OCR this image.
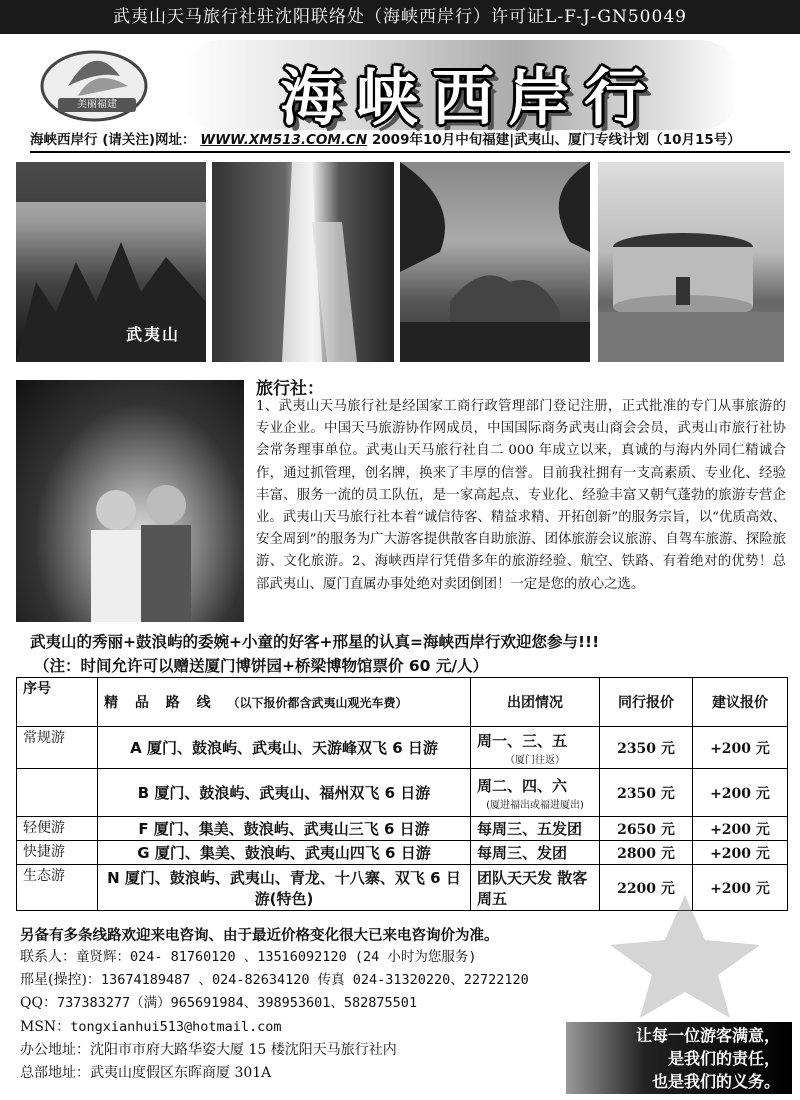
武夷山天马旅行社驻沈阳联络处（海峡西岸行）许可证L-F-J-GN50049
美丽福建	海峡西岸行
海峡西岸行 (请关注)网址： WWW.XM513.COM.CN 2009年10月中旬福建|武夷山、厦门专线计划（10月15号）
武夷山
旅行社：
1、武夷山天马旅行社是经国家工商行政管理部门登记注册，正式批准的专门从事旅游的专业企业。中国天马旅游协作网成员，中国国际商务武夷山商会会员，武夷山市旅行社协会常务理事单位。武夷山天马旅行社自二 000 年成立以来，真诚的与海内外同仁精诚合作，通过抓管理，创名牌，换来了丰厚的信誉。目前我社拥有一支高素质、专业化、经验丰富、服务一流的员工队伍，是一家高起点、专业化、经验丰富又朝气蓬勃的旅游专营企业。武夷山天马旅行社本着“诚信待客、精益求精、开拓创新”的服务宗旨，以“优质高效、安全周到”的服务为广大游客提供散客自助旅游、团体旅游会议旅游、自驾车旅游、探险旅游、文化旅游。2、海峡西岸行凭借多年的旅游经验、航空、铁路、有着绝对的优势！总部武夷山、厦门直属办事处绝对卖团倒团！一定是您的放心之选。
武夷山的秀丽+鼓浪屿的委婉+小童的好客+邢星的认真=海峡西岸行欢迎您参与!!!
（注：时间允许可以赠送厦门博饼园+桥梁博物馆票价 60 元/人）
序号	精 品 路 线 （以下报价都含武夷山观光车费）	出团情况	同行报价	建议报价
常规游	A 厦门、鼓浪屿、武夷山、天游峰双飞 6 日游	周一、三、五
（厦门往返）	2350 元	+200 元
	B 厦门、鼓浪屿、武夷山、福州双飞 6 日游	周二、四、六
(厦进福出或福进厦出)	2350 元	+200 元
轻便游	F 厦门、集美、鼓浪屿、武夷山三飞 6 日游	每周三、五发团	2650 元	+200 元
快捷游	G 厦门、集美、鼓浪屿、武夷山四飞 6 日游	每周三、发团	2800 元	+200 元
生态游	N 厦门、鼓浪屿、武夷山、青龙、十八寨、双飞 6 日游(特色)	团队天天发 散客周五	2200 元	+200 元
另备有多条线路欢迎来电咨询、由于最近价格变化很大已来电咨询价为准。
联系人：童贤辉：024- 81760120 、13516092120 (24 小时为您服务)
邢星(操控)：13674189487 、024-82634120 传真 024-31320220、22722120
QQ：737383277（满）965691984、398953601、582875501
MSN：tongxianhui513@hotmail.com
办公地址：沈阳市市府大路华姿大厦 15 楼沈阳天马旅行社内
总部地址：武夷山度假区东晖商厦 301A
让每一位游客满意，
是我们的责任，
也是我们的义务。
